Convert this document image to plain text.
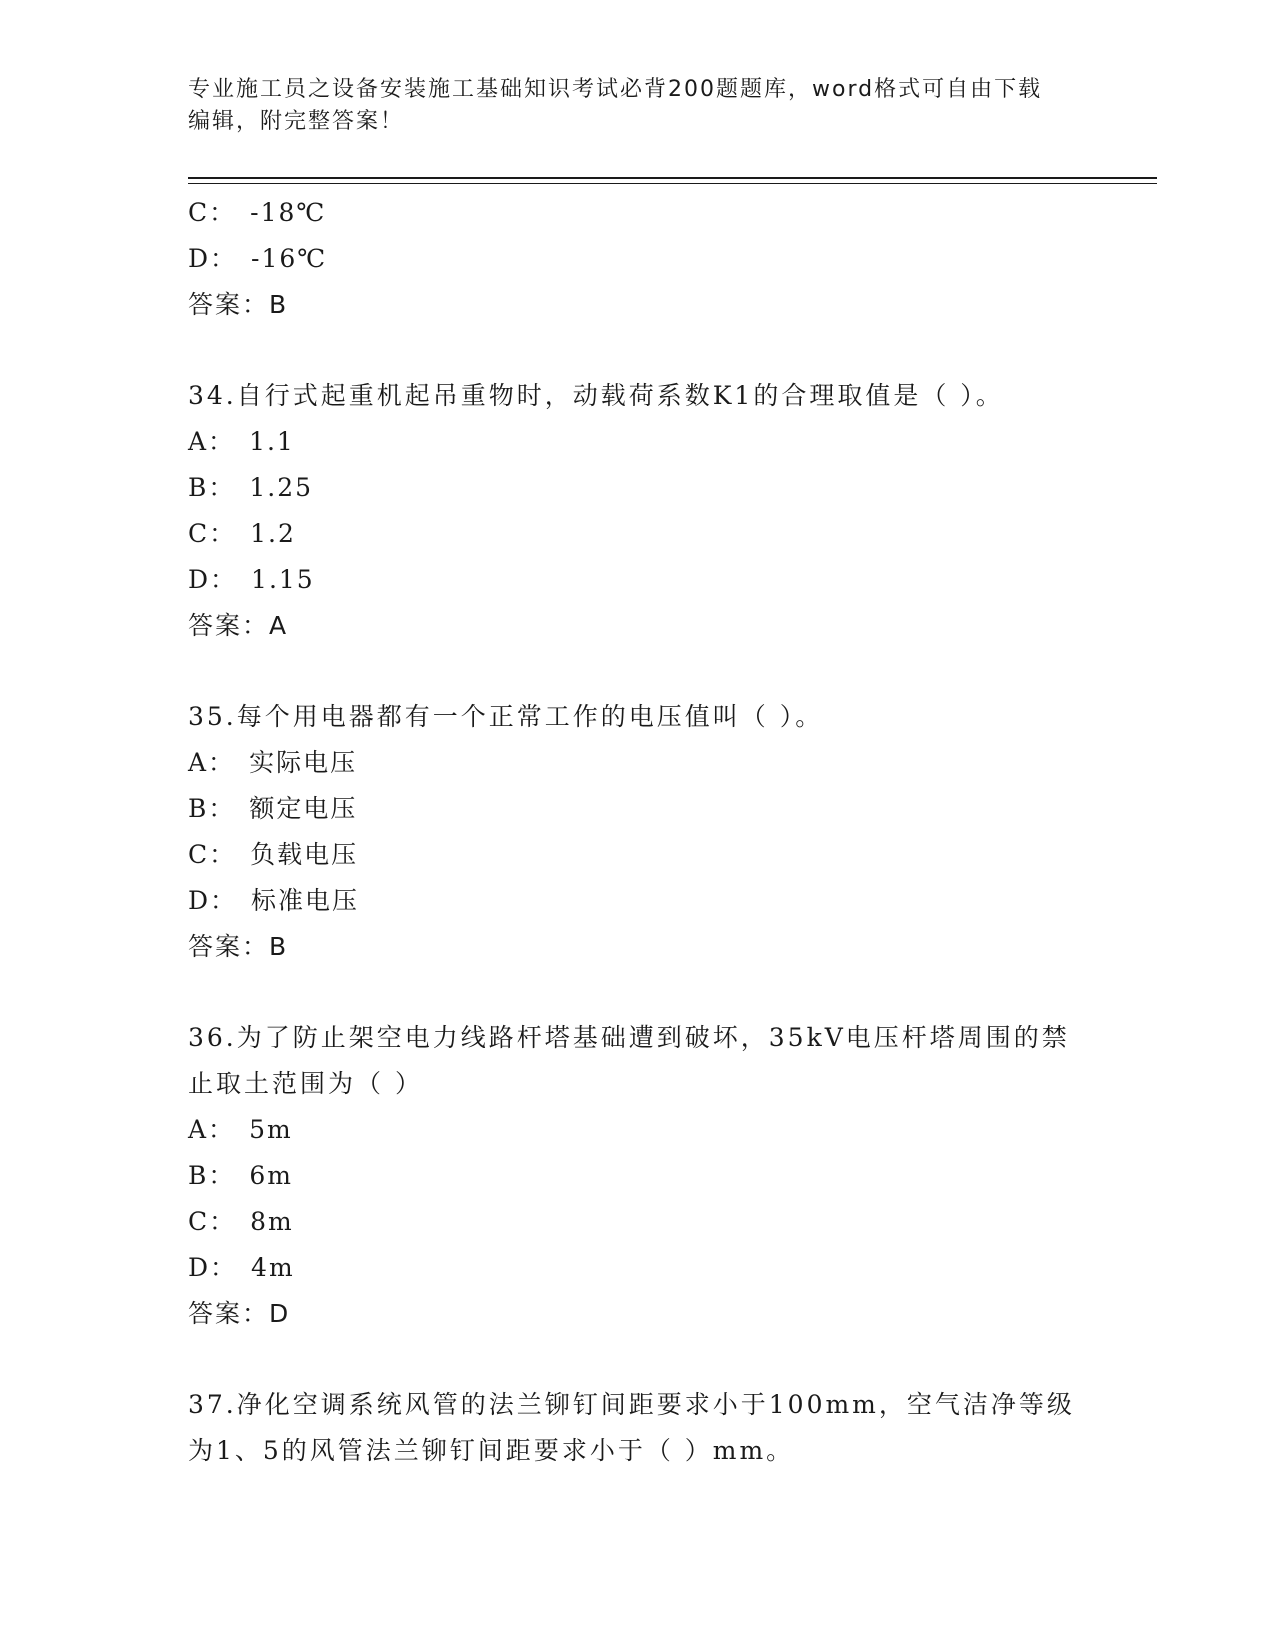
专业施工员之设备安装施工基础知识考试必背200题题库，word格式可自由下载
编辑，附完整答案！
C： -18℃
D： -16℃
答案：B
34.自行式起重机起吊重物时，动载荷系数K1的合理取值是（ ）。
A： 1.1
B： 1.25
C： 1.2
D： 1.15
答案：A
35.每个用电器都有一个正常工作的电压值叫（ ）。
A： 实际电压
B： 额定电压
C： 负载电压
D： 标准电压
答案：B
36.为了防止架空电力线路杆塔基础遭到破坏，35kV电压杆塔周围的禁
止取土范围为（ ）
A： 5m
B： 6m
C： 8m
D： 4m
答案：D
37.净化空调系统风管的法兰铆钉间距要求小于100mm，空气洁净等级
为1、5的风管法兰铆钉间距要求小于（ ）mm。
